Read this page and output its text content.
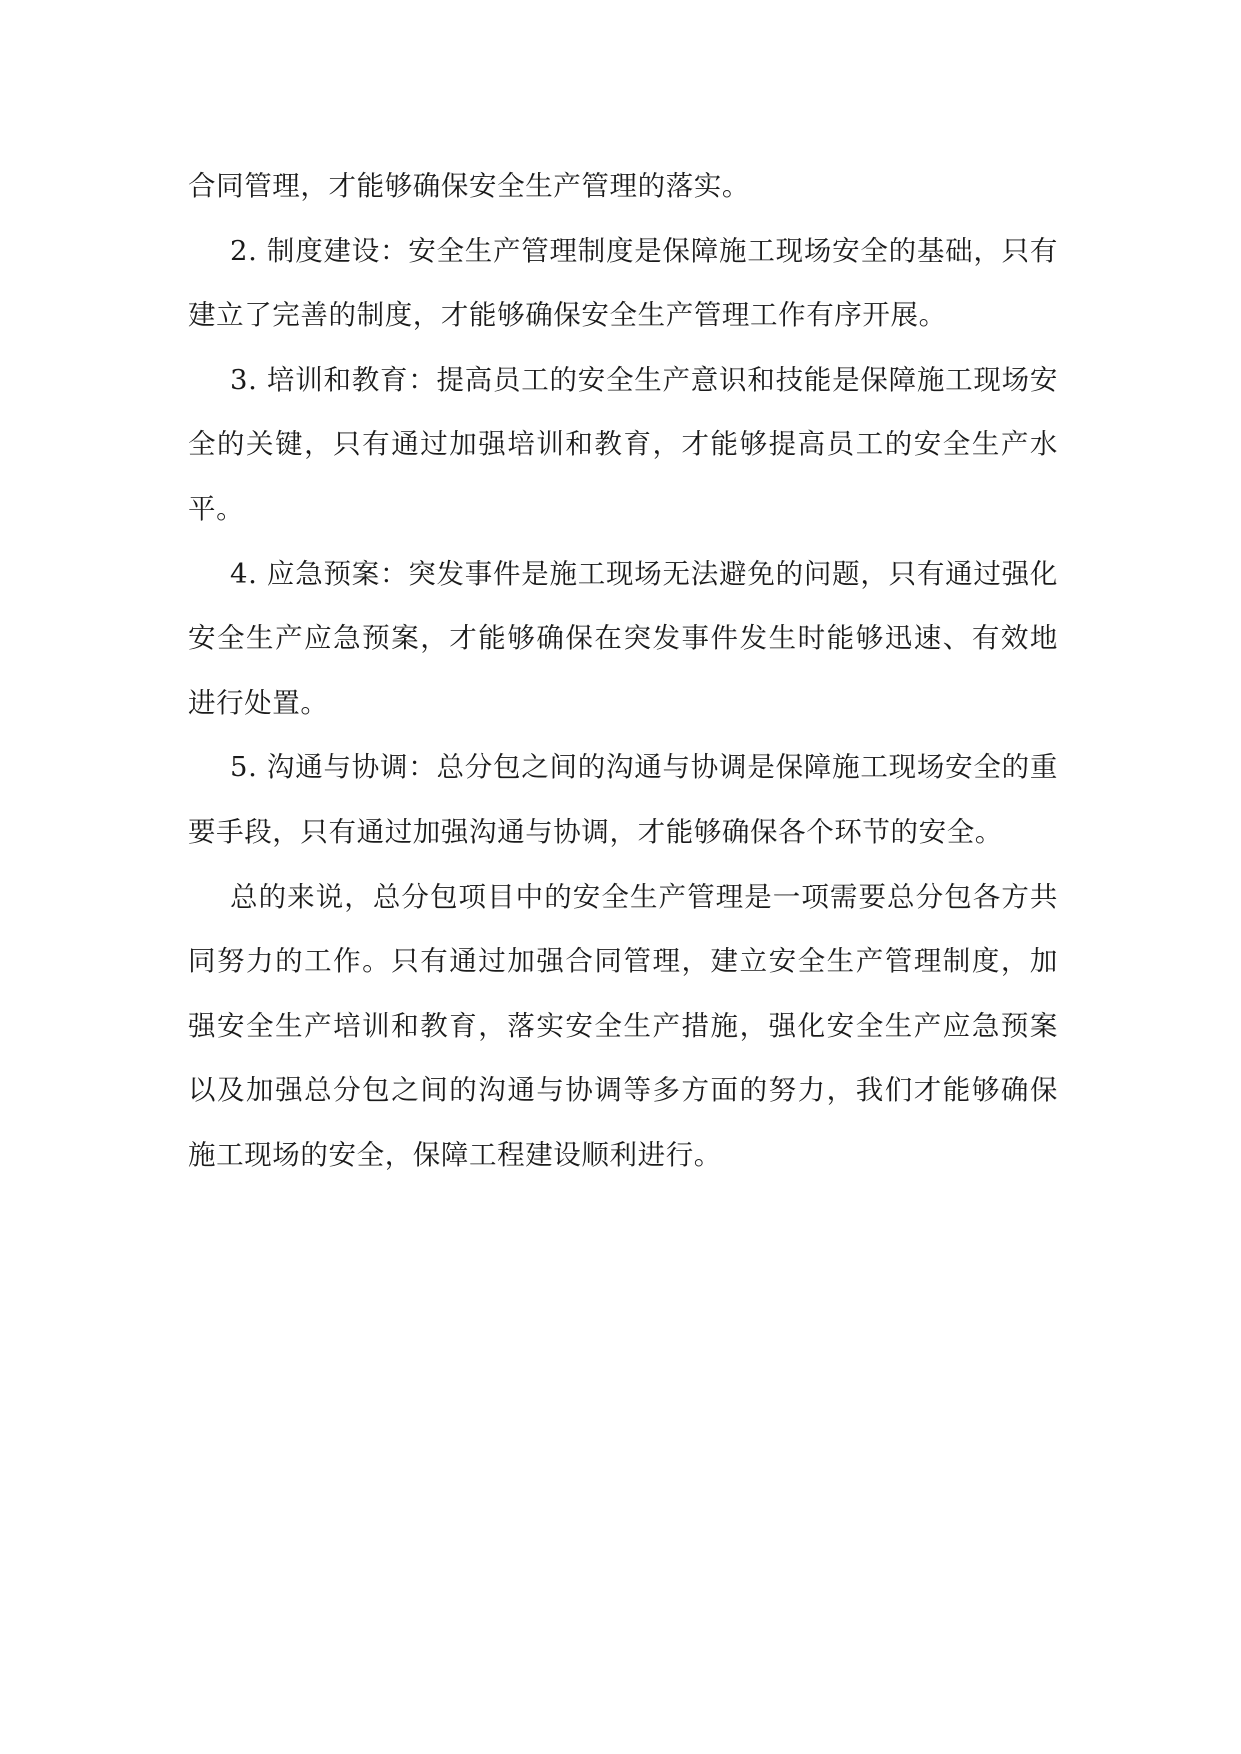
合同管理，才能够确保安全生产管理的落实。

2. 制度建设：安全生产管理制度是保障施工现场安全的基础，只有建立了完善的制度，才能够确保安全生产管理工作有序开展。

3. 培训和教育：提高员工的安全生产意识和技能是保障施工现场安全的关键，只有通过加强培训和教育，才能够提高员工的安全生产水平。

4. 应急预案：突发事件是施工现场无法避免的问题，只有通过强化安全生产应急预案，才能够确保在突发事件发生时能够迅速、有效地进行处置。

5. 沟通与协调：总分包之间的沟通与协调是保障施工现场安全的重要手段，只有通过加强沟通与协调，才能够确保各个环节的安全。

总的来说，总分包项目中的安全生产管理是一项需要总分包各方共同努力的工作。只有通过加强合同管理，建立安全生产管理制度，加强安全生产培训和教育，落实安全生产措施，强化安全生产应急预案以及加强总分包之间的沟通与协调等多方面的努力，我们才能够确保施工现场的安全，保障工程建设顺利进行。
